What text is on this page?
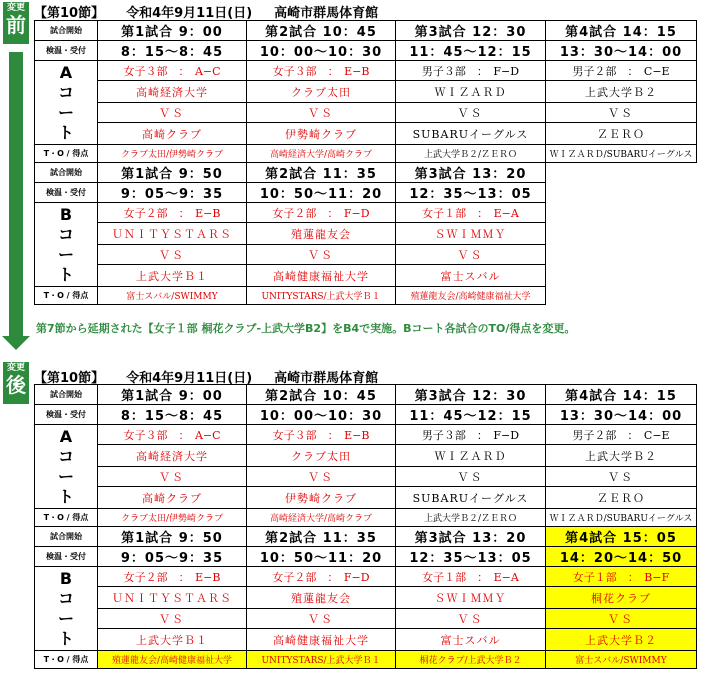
変更
前 【第10節】 令和4年9月11日(日) 高崎市群馬体育館
試合開始	第1試合 9：00	第2試合 10：45	第3試合 12：30	第4試合 14：15
検温・受付	8：15〜8：45	10：00〜10：30	11：45〜12：15	13：30〜14：00

A
コ
ー
ト	女子３部　：　A−C	女子３部　：　E−B	男子３部　：　F−D	男子２部　：　C−E
	高崎経済大学	クラブ太田	ＷＩＺＡＲＤ	上武大学Ｂ２
	ＶＳ	ＶＳ	ＶＳ	ＶＳ
	高崎クラブ	伊勢崎クラブ	SUBARUイーグルス	ＺＥＲＯ
T・O / 得点	クラブ太田/伊勢崎クラブ	高崎経済大学/高崎クラブ	上武大学Ｂ２/ＺＥＲＯ	ＷＩＺＡＲＤ/SUBARUイーグルス
試合開始	第1試合 9：50	第2試合 11：35	第3試合 13：20	
検温・受付	9：05〜9：35	10：50〜11：20	12：35〜13：05	

B
コ
ー
ト	女子２部　：　E−B	女子２部　：　F−D	女子１部　：　E−A	
	ＵＮＩＴＹＳＴＡＲＳ	殖蓮龍友会	ＳＷＩＭＭＹ	
	ＶＳ	ＶＳ	ＶＳ	
	上武大学Ｂ１	高崎健康福祉大学	富士スバル	
T・O / 得点	富士スバル/SWIMMY	UNITYSTARS/上武大学Ｂ１	殖蓮龍友会/高崎健康福祉大学	
第7節から延期された【女子１部 桐花クラブ-上武大学B2】をB4で実施。Bコート各試合のTO/得点を変更。
変更
後 【第10節】 令和4年9月11日(日) 高崎市群馬体育館
試合開始	第1試合 9：00	第2試合 10：45	第3試合 12：30	第4試合 14：15
検温・受付	8：15〜8：45	10：00〜10：30	11：45〜12：15	13：30〜14：00

A
コ
ー
ト	女子３部　：　A−C	女子３部　：　E−B	男子３部　：　F−D	男子２部　：　C−E
	高崎経済大学	クラブ太田	ＷＩＺＡＲＤ	上武大学Ｂ２
	ＶＳ	ＶＳ	ＶＳ	ＶＳ
	高崎クラブ	伊勢崎クラブ	SUBARUイーグルス	ＺＥＲＯ
T・O / 得点	クラブ太田/伊勢崎クラブ	高崎経済大学/高崎クラブ	上武大学Ｂ２/ＺＥＲＯ	ＷＩＺＡＲＤ/SUBARUイーグルス
試合開始	第1試合 9：50	第2試合 11：35	第3試合 13：20	第4試合 15：05
検温・受付	9：05〜9：35	10：50〜11：20	12：35〜13：05	14：20〜14：50

B
コ
ー
ト	女子２部　：　E−B	女子２部　：　F−D	女子１部　：　E−A	女子１部　：　B−F
	ＵＮＩＴＹＳＴＡＲＳ	殖蓮龍友会	ＳＷＩＭＭＹ	桐花クラブ
	ＶＳ	ＶＳ	ＶＳ	ＶＳ
	上武大学Ｂ１	高崎健康福祉大学	富士スバル	上武大学Ｂ２
T・O / 得点	殖蓮龍友会/高崎健康福祉大学	UNITYSTARS/上武大学Ｂ１	桐花クラブ/上武大学Ｂ２	富士スバル/SWIMMY
